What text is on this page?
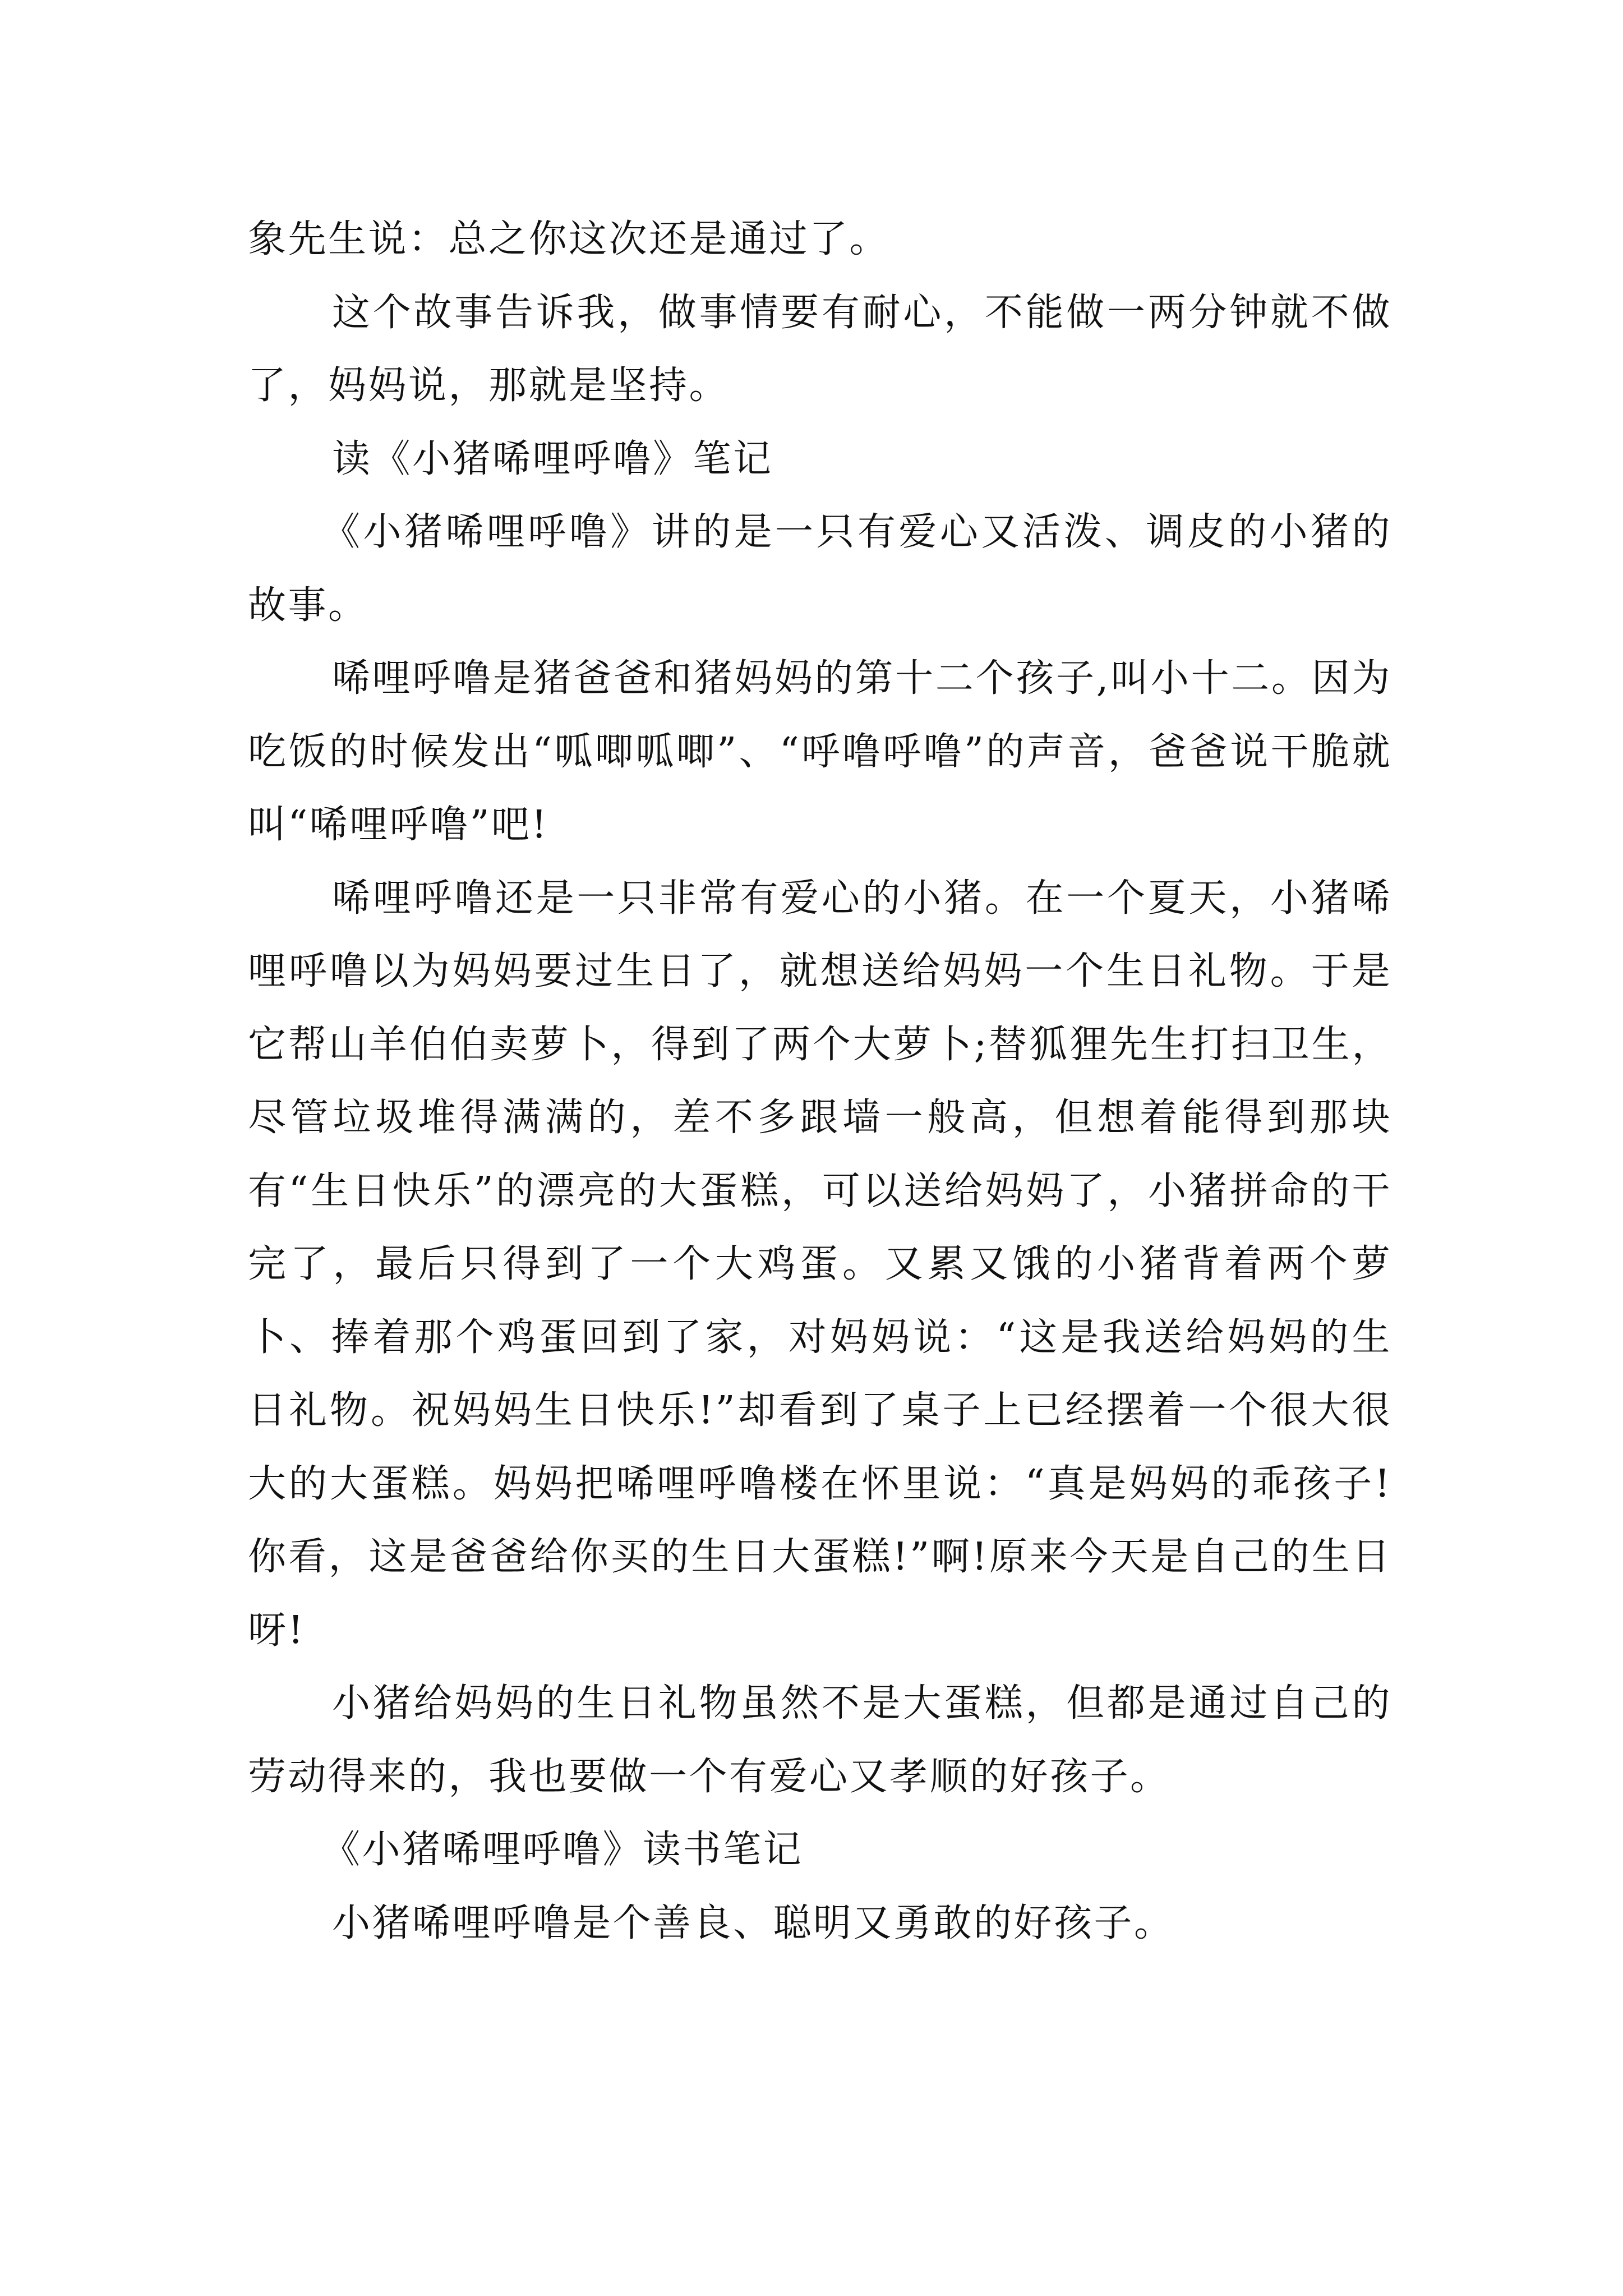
象先生说：总之你这次还是通过了。

这个故事告诉我，做事情要有耐心，不能做一两分钟就不做了，妈妈说，那就是坚持。

读《小猪唏哩呼噜》笔记

《小猪唏哩呼噜》讲的是一只有爱心又活泼、调皮的小猪的故事。

唏哩呼噜是猪爸爸和猪妈妈的第十二个孩子,叫小十二。因为吃饭的时候发出“呱唧呱唧”、“呼噜呼噜”的声音，爸爸说干脆就叫“唏哩呼噜”吧!

唏哩呼噜还是一只非常有爱心的小猪。在一个夏天，小猪唏哩呼噜以为妈妈要过生日了，就想送给妈妈一个生日礼物。于是它帮山羊伯伯卖萝卜，得到了两个大萝卜;替狐狸先生打扫卫生，尽管垃圾堆得满满的，差不多跟墙一般高，但想着能得到那块有“生日快乐”的漂亮的大蛋糕，可以送给妈妈了，小猪拼命的干完了，最后只得到了一个大鸡蛋。又累又饿的小猪背着两个萝卜、捧着那个鸡蛋回到了家，对妈妈说：“这是我送给妈妈的生日礼物。祝妈妈生日快乐!”却看到了桌子上已经摆着一个很大很大的大蛋糕。妈妈把唏哩呼噜楼在怀里说：“真是妈妈的乖孩子!你看，这是爸爸给你买的生日大蛋糕!”啊!原来今天是自己的生日呀!

小猪给妈妈的生日礼物虽然不是大蛋糕，但都是通过自己的劳动得来的，我也要做一个有爱心又孝顺的好孩子。

《小猪唏哩呼噜》读书笔记

小猪唏哩呼噜是个善良、聪明又勇敢的好孩子。
